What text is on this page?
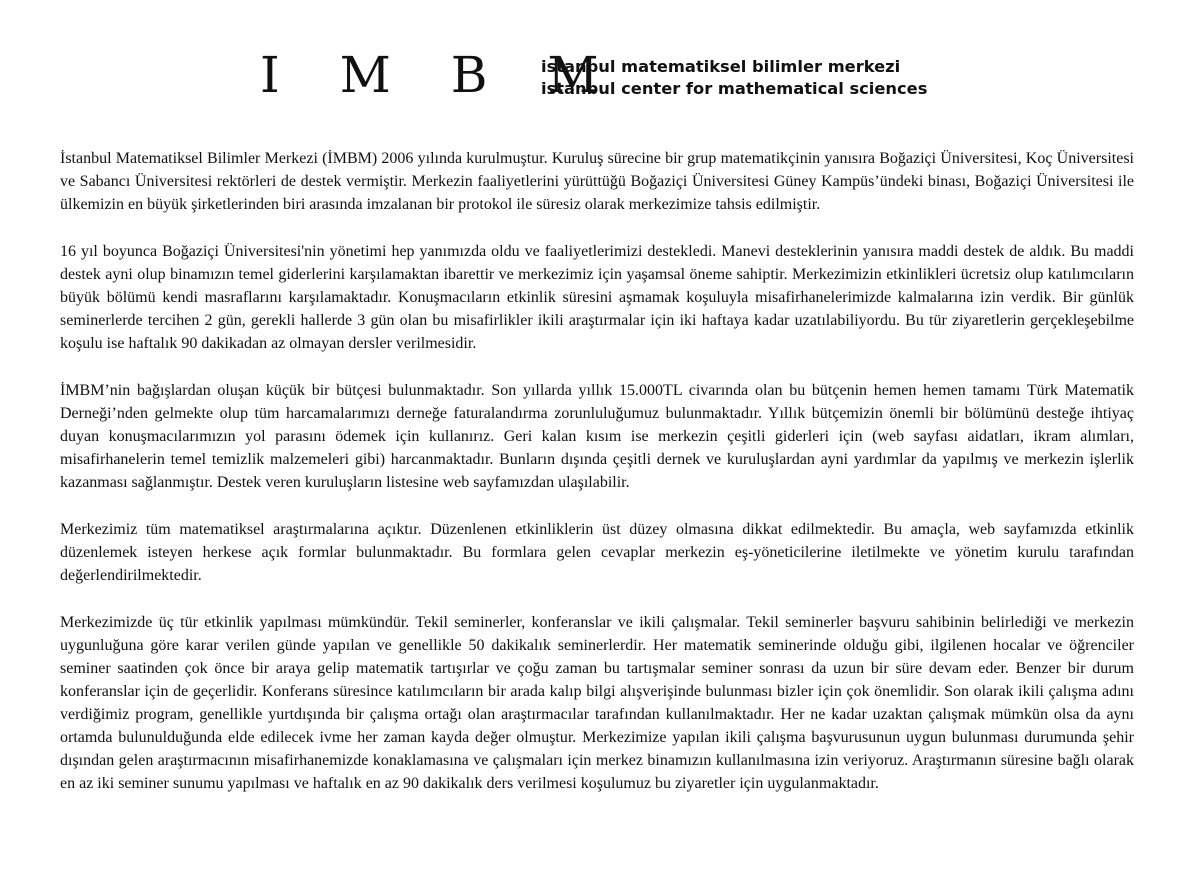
I M B M
istanbul matematiksel bilimler merkezi
istanbul center for mathematical sciences

İstanbul Matematiksel Bilimler Merkezi (İMBM) 2006 yılında kurulmuştur. Kuruluş sürecine bir grup matematikçinin yanısıra Boğaziçi Üniversitesi, Koç Üniversitesi ve Sabancı Üniversitesi rektörleri de destek vermiştir. Merkezin faaliyetlerini yürüttüğü Boğaziçi Üniversitesi Güney Kampüs’ündeki binası, Boğaziçi Üniversitesi ile ülkemizin en büyük şirketlerinden biri arasında imzalanan bir protokol ile süresiz olarak merkezimize tahsis edilmiştir.

16 yıl boyunca Boğaziçi Üniversitesi'nin yönetimi hep yanımızda oldu ve faaliyetlerimizi destekledi. Manevi desteklerinin yanısıra maddi destek de aldık. Bu maddi destek ayni olup binamızın temel giderlerini karşılamaktan ibarettir ve merkezimiz için yaşamsal öneme sahiptir. Merkezimizin etkinlikleri ücretsiz olup katılımcıların büyük bölümü kendi masraflarını karşılamaktadır. Konuşmacıların etkinlik süresini aşmamak koşuluyla misafirhanelerimizde kalmalarına izin verdik. Bir günlük seminerlerde tercihen 2 gün, gerekli hallerde 3 gün olan bu misafirlikler ikili araştırmalar için iki haftaya kadar uzatılabiliyordu. Bu tür ziyaretlerin gerçekleşebilme koşulu ise haftalık 90 dakikadan az olmayan dersler verilmesidir.

İMBM’nin bağışlardan oluşan küçük bir bütçesi bulunmaktadır. Son yıllarda yıllık 15.000TL civarında olan bu bütçenin hemen hemen tamamı Türk Matematik Derneği’nden gelmekte olup tüm harcamalarımızı derneğe faturalandırma zorunluluğumuz bulunmaktadır. Yıllık bütçemizin önemli bir bölümünü desteğe ihtiyaç duyan konuşmacılarımızın yol parasını ödemek için kullanırız. Geri kalan kısım ise merkezin çeşitli giderleri için (web sayfası aidatları, ikram alımları, misafirhanelerin temel temizlik malzemeleri gibi) harcanmaktadır. Bunların dışında çeşitli dernek ve kuruluşlardan ayni yardımlar da yapılmış ve merkezin işlerlik kazanması sağlanmıştır. Destek veren kuruluşların listesine web sayfamızdan ulaşılabilir.

Merkezimiz tüm matematiksel araştırmalarına açıktır. Düzenlenen etkinliklerin üst düzey olmasına dikkat edilmektedir. Bu amaçla, web sayfamızda etkinlik düzenlemek isteyen herkese açık formlar bulunmaktadır. Bu formlara gelen cevaplar merkezin eş-yöneticilerine iletilmekte ve yönetim kurulu tarafından değerlendirilmektedir.

Merkezimizde üç tür etkinlik yapılması mümkündür. Tekil seminerler, konferanslar ve ikili çalışmalar. Tekil seminerler başvuru sahibinin belirlediği ve merkezin uygunluğuna göre karar verilen günde yapılan ve genellikle 50 dakikalık seminerlerdir. Her matematik seminerinde olduğu gibi, ilgilenen hocalar ve öğrenciler seminer saatinden çok önce bir araya gelip matematik tartışırlar ve çoğu zaman bu tartışmalar seminer sonrası da uzun bir süre devam eder. Benzer bir durum konferanslar için de geçerlidir. Konferans süresince katılımcıların bir arada kalıp bilgi alışverişinde bulunması bizler için çok önemlidir. Son olarak ikili çalışma adını verdiğimiz program, genellikle yurtdışında bir çalışma ortağı olan araştırmacılar tarafından kullanılmaktadır. Her ne kadar uzaktan çalışmak mümkün olsa da aynı ortamda bulunulduğunda elde edilecek ivme her zaman kayda değer olmuştur. Merkezimize yapılan ikili çalışma başvurusunun uygun bulunması durumunda şehir dışından gelen araştırmacının misafirhanemizde konaklamasına ve çalışmaları için merkez binamızın kullanılmasına izin veriyoruz. Araştırmanın süresine bağlı olarak en az iki seminer sunumu yapılması ve haftalık en az 90 dakikalık ders verilmesi koşulumuz bu ziyaretler için uygulanmaktadır.
